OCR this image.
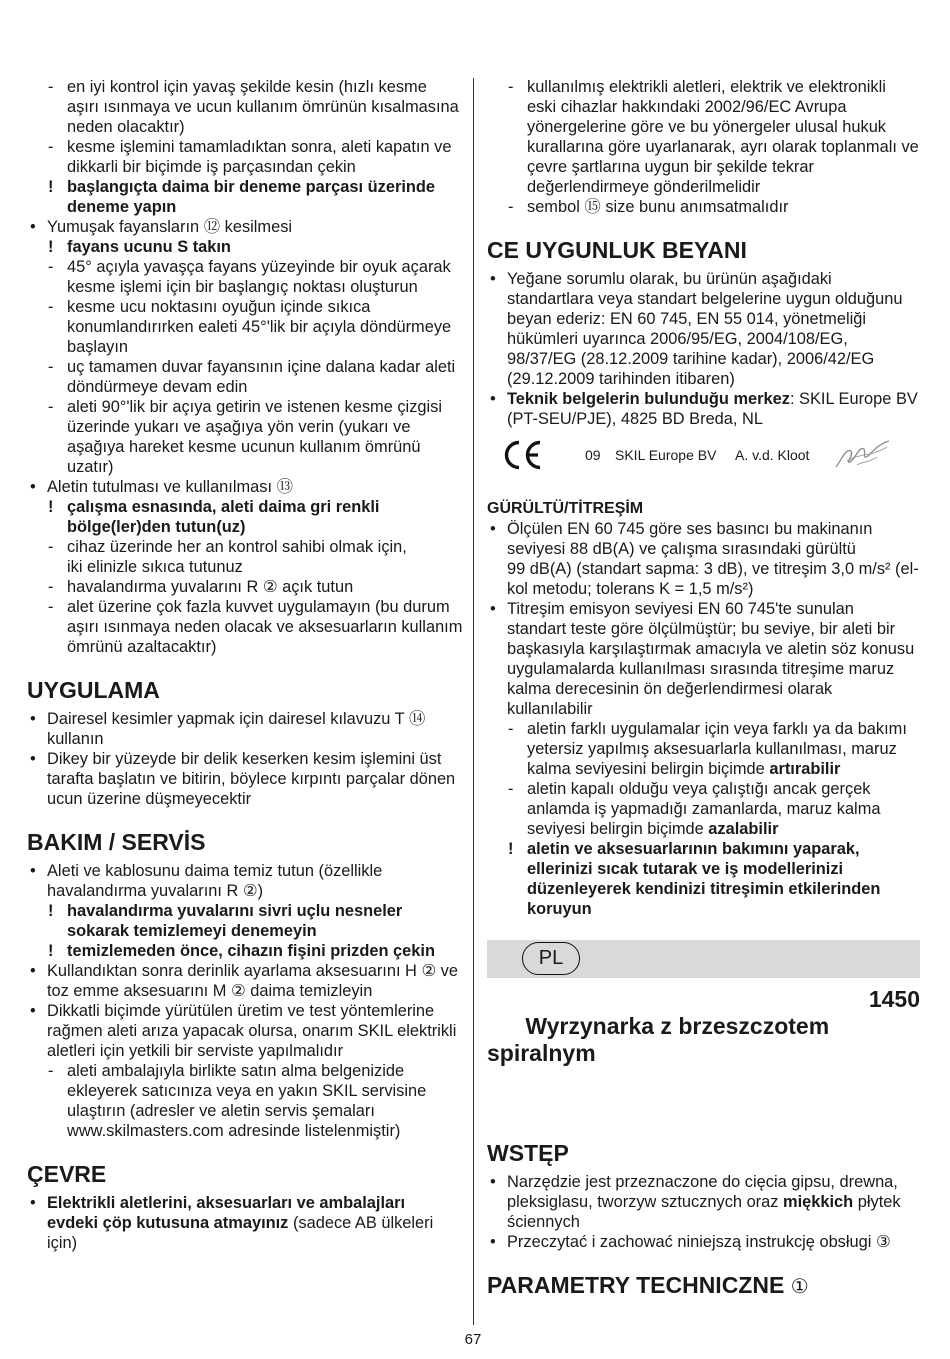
- en iyi kontrol için yavaş şekilde kesin (hızlı kesme
aşırı ısınmaya ve ucun kullanım ömrünün kısalmasına
neden olacaktır)
- kesme işlemini tamamladıktan sonra, aleti kapatın ve
dikkarli bir biçimde iş parçasından çekin
! başlangıçta daima bir deneme parçası üzerinde
deneme yapın
• Yumuşak fayansların ⑫ kesilmesi
! fayans ucunu S takın
- 45° açıyla yavaşça fayans yüzeyinde bir oyuk açarak
kesme işlemi için bir başlangıç noktası oluşturun
- kesme ucu noktasını oyuğun içinde sıkıca
konumlandırırken ealeti 45°'lik bir açıyla döndürmeye
başlayın
- uç tamamen duvar fayansının içine dalana kadar aleti
döndürmeye devam edin
- aleti 90°'lik bir açıya getirin ve istenen kesme çizgisi
üzerinde yukarı ve aşağıya yön verin (yukarı ve
aşağıya hareket kesme ucunun kullanım ömrünü
uzatır)
• Aletin tutulması ve kullanılması ⑬
! çalışma esnasında, aleti daima gri renkli
bölge(ler)den tutun(uz)
- cihaz üzerinde her an kontrol sahibi olmak için,
iki elinizle sıkıca tutunuz
- havalandırma yuvalarını R ② açık tutun
- alet üzerine çok fazla kuvvet uygulamayın (bu durum
aşırı ısınmaya neden olacak ve aksesuarların kullanım
ömrünü azaltacaktır)
UYGULAMA
• Dairesel kesimler yapmak için dairesel kılavuzu T ⑭
kullanın
• Dikey bir yüzeyde bir delik keserken kesim işlemini üst
tarafta başlatın ve bitirin, böylece kırpıntı parçalar dönen
ucun üzerine düşmeyecektir
BAKIM / SERVİS
• Aleti ve kablosunu daima temiz tutun (özellikle
havalandırma yuvalarını R ②)
! havalandırma yuvalarını sivri uçlu nesneler
sokarak temizlemeyi denemeyin
! temizlemeden önce, cihazın fişini prizden çekin
• Kullandıktan sonra derinlik ayarlama aksesuarını H ② ve
toz emme aksesuarını M ② daima temizleyin
• Dikkatli biçimde yürütülen üretim ve test yöntemlerine
rağmen aleti arıza yapacak olursa, onarım SKIL elektrikli
aletleri için yetkili bir serviste yapılmalıdır
- aleti ambalajıyla birlikte satın alma belgenizide
ekleyerek satıcınıza veya en yakın SKIL servisine
ulaştırın (adresler ve aletin servis şemaları
www.skilmasters.com adresinde listelenmiştir)
ÇEVRE
• Elektrikli aletlerini, aksesuarları ve ambalajları
evdeki çöp kutusuna atmayınız (sadece AB ülkeleri
için)
- kullanılmış elektrikli aletleri, elektrik ve elektronikli
eski cihazlar hakkındaki 2002/96/EC Avrupa
yönergelerine göre ve bu yönergeler ulusal hukuk
kurallarına göre uyarlanarak, ayrı olarak toplanmalı ve
çevre şartlarına uygun bir şekilde tekrar
değerlendirmeye gönderilmelidir
- sembol ⑮ size bunu anımsatmalıdır
CE UYGUNLUK BEYANI
• Yeğane sorumlu olarak, bu ürünün aşağıdaki
standartlara veya standart belgelerine uygun olduğunu
beyan ederiz: EN 60 745, EN 55 014, yönetmeliği
hükümleri uyarınca 2006/95/EG, 2004/108/EG,
98/37/EG (28.12.2009 tarihine kadar), 2006/42/EG
(29.12.2009 tarihinden itibaren)
• Teknik belgelerin bulunduğu merkez: SKIL Europe BV
(PT-SEU/PJE), 4825 BD Breda, NL
09 SKIL Europe BV A. v.d. Kloot
GÜRÜLTÜ/TİTREŞİM
• Ölçülen EN 60 745 göre ses basıncı bu makinanın
seviyesi 88 dB(A) ve çalışma sırasındaki gürültü
99 dB(A) (standart sapma: 3 dB), ve titreşim 3,0 m/s² (el-
kol metodu; tolerans K = 1,5 m/s²)
• Titreşim emisyon seviyesi EN 60 745'te sunulan
standart teste göre ölçülmüştür; bu seviye, bir aleti bir
başkasıyla karşılaştırmak amacıyla ve aletin söz konusu
uygulamalarda kullanılması sırasında titreşime maruz
kalma derecesinin ön değerlendirmesi olarak
kullanılabilir
- aletin farklı uygulamalar için veya farklı ya da bakımı
yetersiz yapılmış aksesuarlarla kullanılması, maruz
kalma seviyesini belirgin biçimde artırabilir
- aletin kapalı olduğu veya çalıştığı ancak gerçek
anlamda iş yapmadığı zamanlarda, maruz kalma
seviyesi belirgin biçimde azalabilir
! aletin ve aksesuarlarının bakımını yaparak,
ellerinizi sıcak tutarak ve iş modellerinizi
düzenleyerek kendinizi titreşimin etkilerinden
koruyun
PL

Wyrzynarka z brzeszczotem
spiralnym

1450

WSTĘP
• Narzędzie jest przeznaczone do cięcia gipsu, drewna,
pleksiglasu, tworzyw sztucznych oraz miękkich płytek
ściennych
• Przeczytać i zachować niniejszą instrukcję obsługi ③
PARAMETRY TECHNICZNE ①
67
